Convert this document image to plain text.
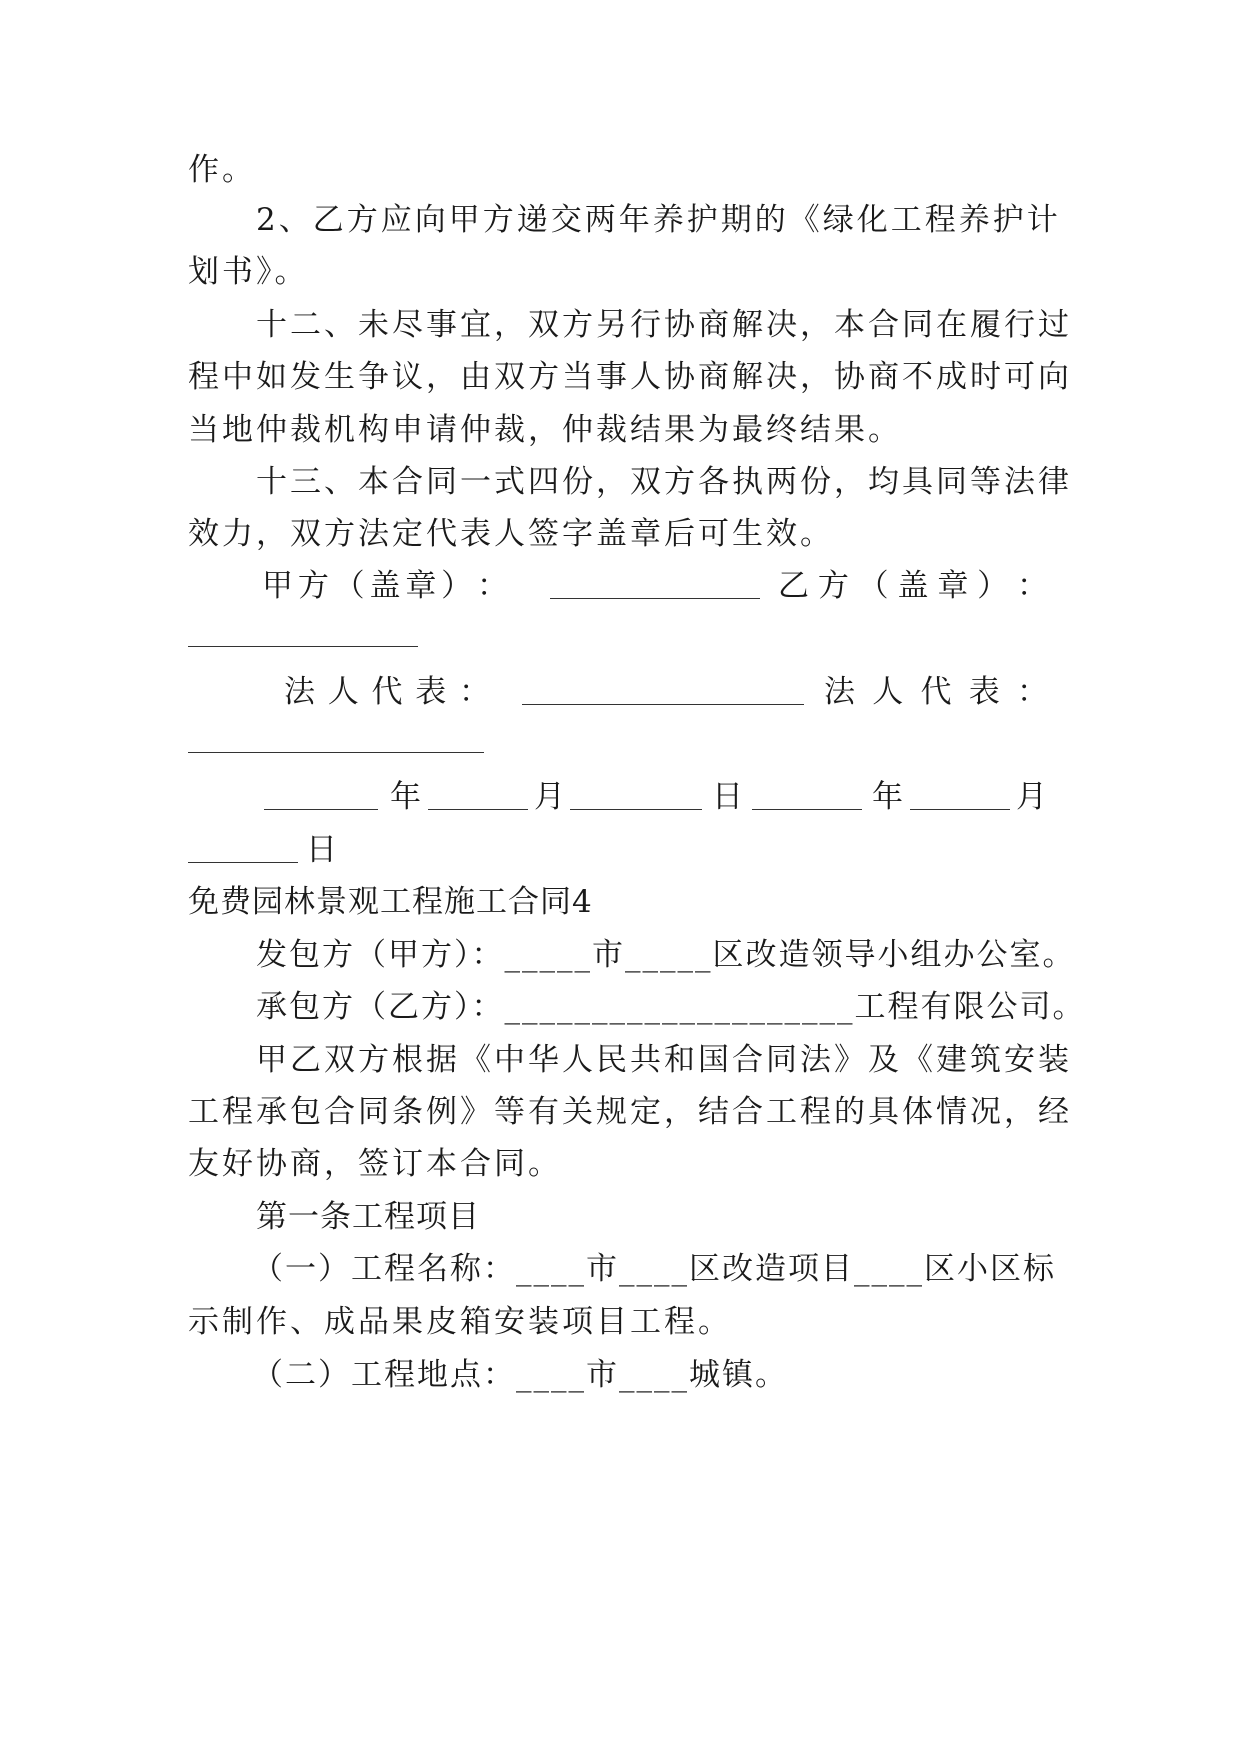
作。
2、乙方应向甲方递交两年养护期的《绿化工程养护计
划书》。
十二、未尽事宜，双方另行协商解决，本合同在履行过
程中如发生争议，由双方当事人协商解决，协商不成时可向
当地仲裁机构申请仲裁，仲裁结果为最终结果。
十三、本合同一式四份，双方各执两份，均具同等法律
效力，双方法定代表人签字盖章后可生效。
甲 方 （ 盖 章 ） ：	乙 方 （ 盖 章 ） ：
法 人 代 表 ：	法 人 代 表 ：
年	月	日	年	月
日
免费园林景观工程施工合同4
发包方（甲方）：_____市_____区改造领导小组办公室。
承包方（乙方）：____________________工程有限公司。
甲乙双方根据《中华人民共和国合同法》及《建筑安装
工程承包合同条例》等有关规定，结合工程的具体情况，经
友好协商，签订本合同。
第一条工程项目
（一）工程名称：____市____区改造项目____区小区标
示制作、成品果皮箱安装项目工程。
（二）工程地点：____市____城镇。
